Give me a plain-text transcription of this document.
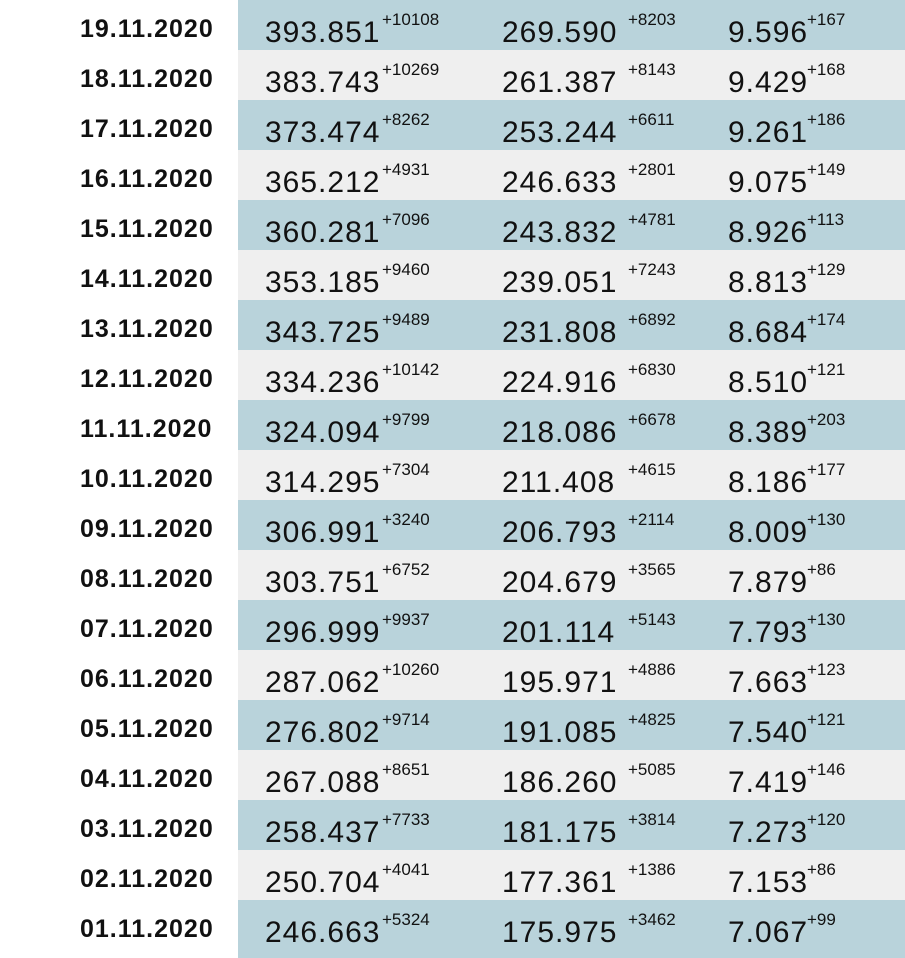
19.11.2020 393.851 +10108 269.590 +8203 9.596
+167
18.11.2020 383.743 +10269 261.387 +8143 9.429
+168
17.11.2020 373.474 +8262 253.244 +6611 9.261
+186
16.11.2020 365.212 +4931 246.633 +2801 9.075
+149
15.11.2020 360.281 +7096 243.832 +4781 8.926
+113
14.11.2020 353.185 +9460 239.051 +7243 8.813
+129
13.11.2020 343.725 +9489 231.808 +6892 8.684
+174
12.11.2020 334.236 +10142 224.916 +6830 8.510
+121
11.11.2020 324.094 +9799 218.086 +6678 8.389
+203
10.11.2020 314.295 +7304 211.408 +4615 8.186
+177
09.11.2020 306.991 +3240 206.793 +2114 8.009
+130
08.11.2020 303.751 +6752 204.679 +3565 7.879
+86
07.11.2020 296.999 +9937 201.114 +5143 7.793
+130
06.11.2020 287.062 +10260 195.971 +4886 7.663
+123
05.11.2020 276.802 +9714 191.085 +4825 7.540
+121
04.11.2020 267.088 +8651 186.260 +5085 7.419
+146
03.11.2020 258.437 +7733 181.175 +3814 7.273
+120
02.11.2020 250.704 +4041 177.361 +1386 7.153
+86
01.11.2020 246.663 +5324 175.975 +3462 7.067
+99
